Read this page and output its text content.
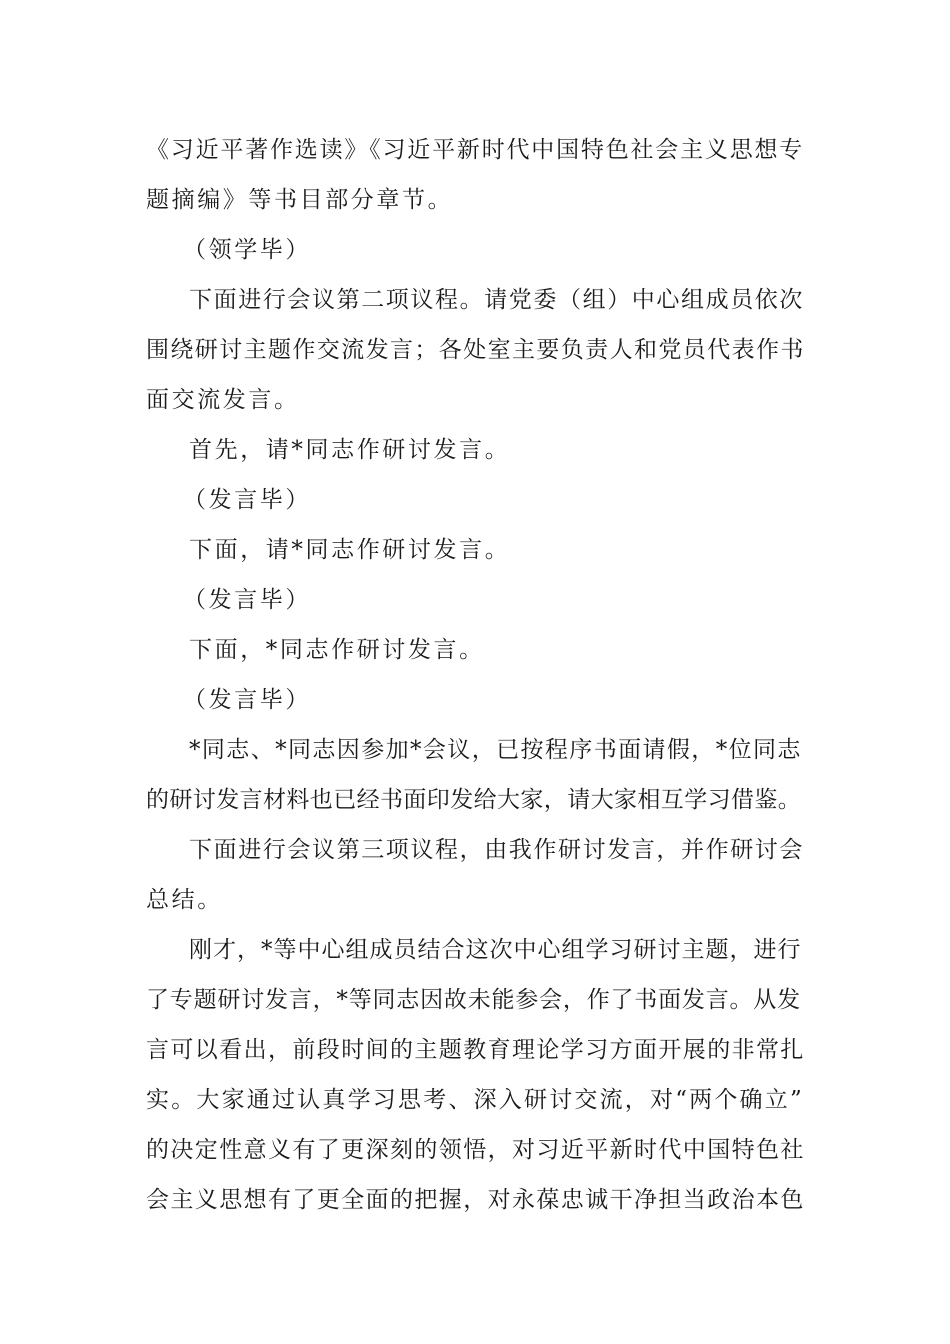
《习近平著作选读》《习近平新时代中国特色社会主义思想专
题摘编》等书目部分章节。
（领学毕）
下面进行会议第二项议程。请党委（组）中心组成员依次
围绕研讨主题作交流发言；各处室主要负责人和党员代表作书
面交流发言。
首先，请*同志作研讨发言。
（发言毕）
下面，请*同志作研讨发言。
（发言毕）
下面，*同志作研讨发言。
（发言毕）
*同志、*同志因参加*会议，已按程序书面请假，*位同志
的研讨发言材料也已经书面印发给大家，请大家相互学习借鉴。
下面进行会议第三项议程，由我作研讨发言，并作研讨会
总结。
刚才，*等中心组成员结合这次中心组学习研讨主题，进行
了专题研讨发言，*等同志因故未能参会，作了书面发言。从发
言可以看出，前段时间的主题教育理论学习方面开展的非常扎
实。大家通过认真学习思考、深入研讨交流，对“两个确立”
的决定性意义有了更深刻的领悟，对习近平新时代中国特色社
会主义思想有了更全面的把握，对永葆忠诚干净担当政治本色
